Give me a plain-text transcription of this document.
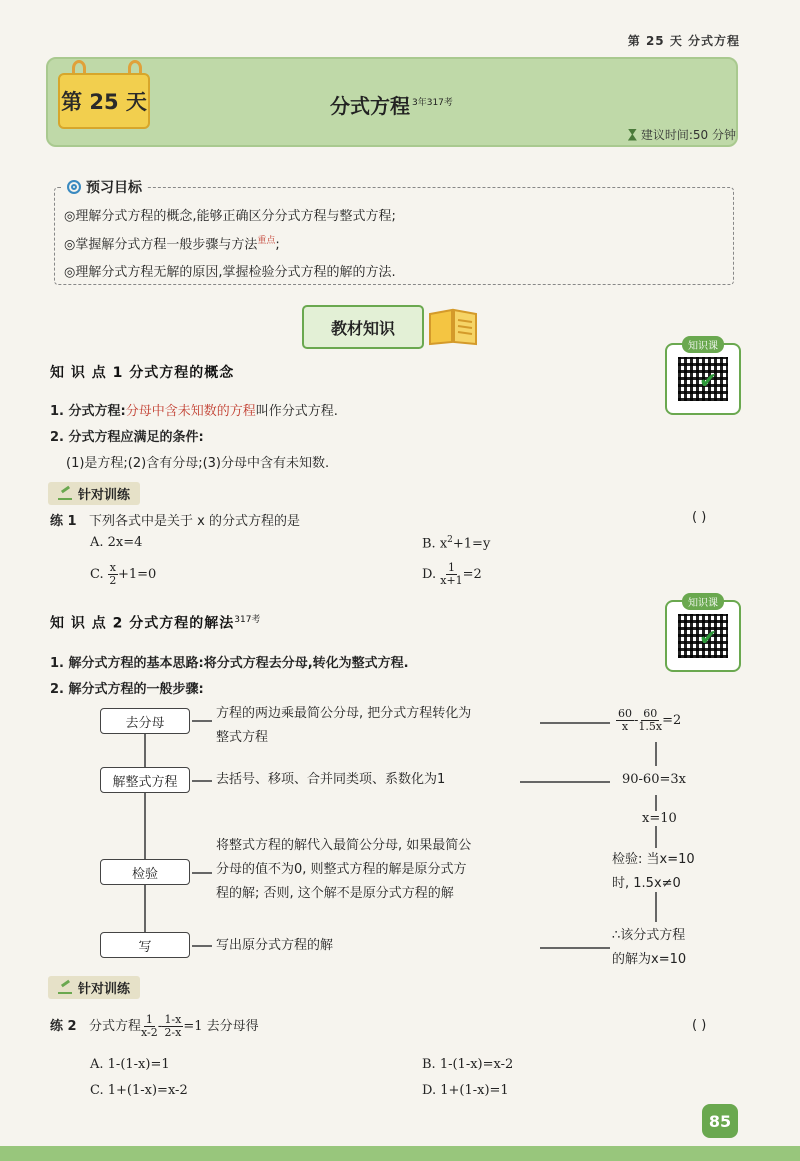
第 25 天 分式方程
第 25 天	分式方程 $^{3年317考}$
建议时间:50 分钟
预习目标
◎理解分式方程的概念,能够正确区分分式方程与整式方程;
◎掌握解分式方程一般步骤与方法$^{重点}$;
◎理解分式方程无解的原因,掌握检验分式方程的解的方法.
教材知识
✔
知识课
知 识 点 1 分式方程的概念
1. 分式方程:分母中含未知数的方程叫作分式方程.
2. 分式方程应满足的条件:
(1)是方程;(2)含有分母;(3)分母中含有未知数.
针对训练
练 1 下列各式中是关于 x 的分式方程的是	( )
A. 2x=4	B. $x^2+1=y$
C. $\frac{x}{2} +1=0$	D. $\frac{1}{x+1} =2$
✔
知识课
知 识 点 2 分式方程的解法$^{317考}$
1. 解分式方程的基本思路:将分式方程去分母,转化为整式方程.
2. 解分式方程的一般步骤:
去分母
解整式方程
检验
写
方程的两边乘最简公分母, 把分式方程转化为
整式方程
去括号、移项、合并同类项、系数化为1
将整式方程的解代入最简公分母, 如果最简公
分母的值不为0, 则整式方程的解是原分式方
程的解; 否则, 这个解不是原分式方程的解
写出原分式方程的解
$\frac{60}{x} - \frac{60}{1.5x} =2$
90-60=3x
x=10
检验: 当x=10
时, 1.5x≠0
∴该分式方程
的解为x=10
针对训练
练 2 分式方程 $\frac{1}{x-2} - \frac{1-x}{2-x} =1$ 去分母得	( )
A. 1-(1-x)=1	B. 1-(1-x)=x-2
C. 1+(1-x)=x-2	D. 1+(1-x)=1
85
